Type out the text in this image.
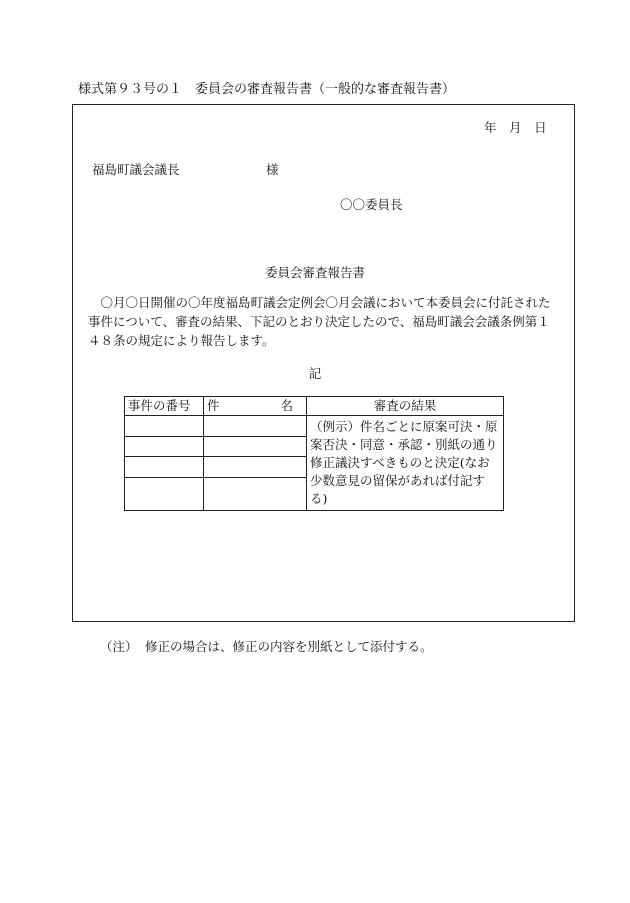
様式第９３号の１　委員会の審査報告書（一般的な審査報告書）
年　 月　 日
福島町議会議長	様
〇〇委員長
委員会審査報告書
　〇月〇日開催の〇年度福島町議会定例会〇月会議において本委員会に付託された事件について、審査の結果、下記のとおり決定したので、福島町議会会議条例第１４８条の規定により報告します。
記
事件の番号	件 名	審査の結果
		（例示）件名ごとに原案可決・原案否決・同意・承認・別紙の通り修正議決すべきものと決定(なお少数意見の留保があれば付記する)

（注） 修正の場合は、修正の内容を別紙として添付する。
